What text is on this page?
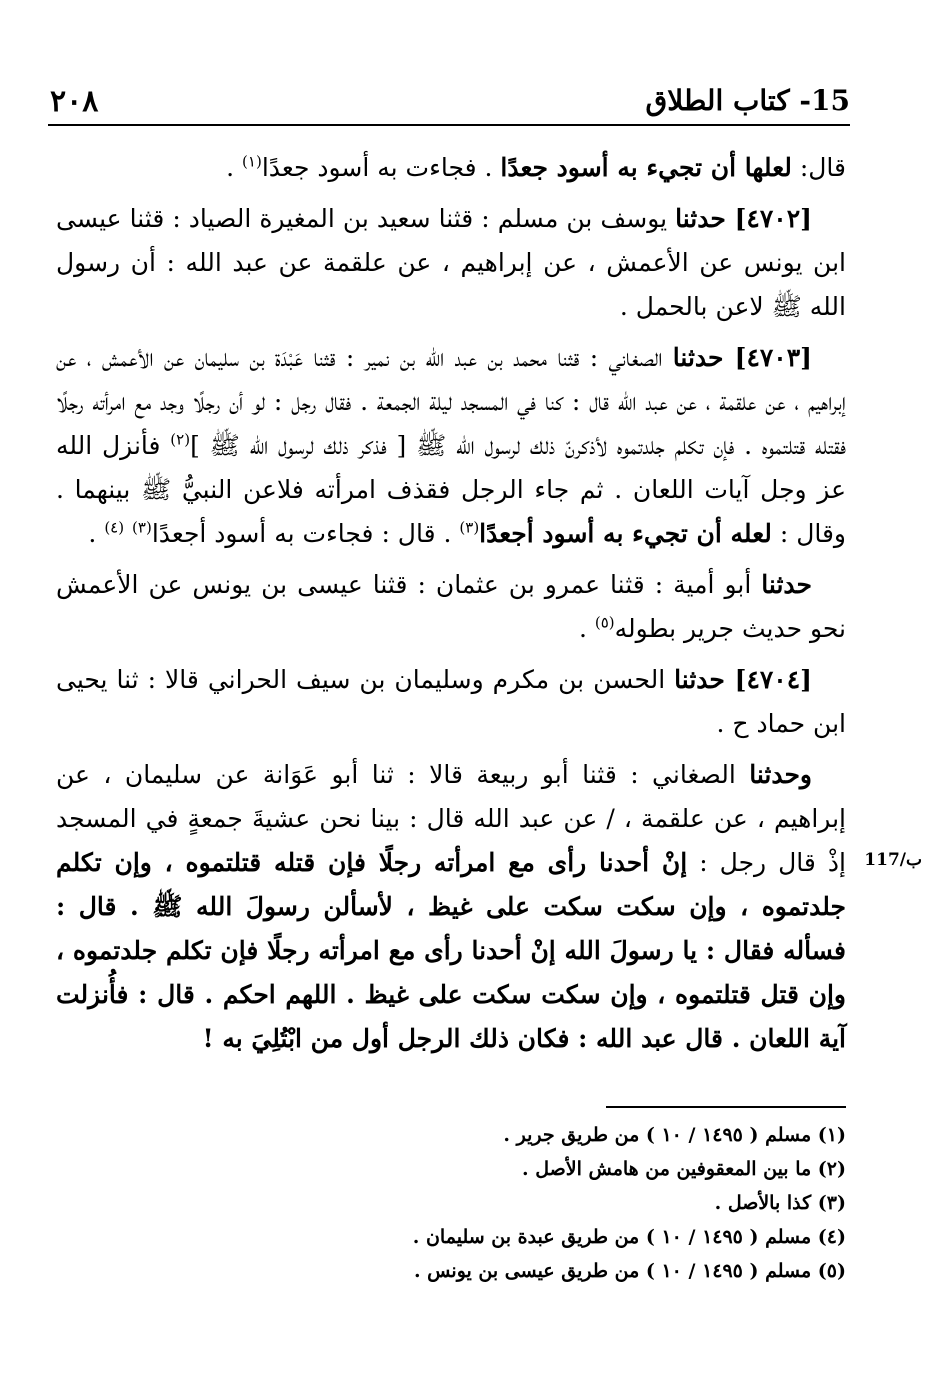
15- كتاب الطلاق
٢٠٨
117/ب

قال: لعلها أن تجيء به أسود جعدًا . فجاءت به أسود جعدًا$^{(١)}$ .

[٤٧٠٢] حدثنا يوسف بن مسلم : قثنا سعيد بن المغيرة الصياد : قثنا عيسى ابن يونس عن الأعمش ، عن إبراهيم ، عن علقمة عن عبد الله : أن رسول الله ﷺ لاعن بالحمل .

[٤٧٠٣] حدثنا الصغاني : قثنا محمد بن عبد الله بن نمير : قثنا عَبْدَة بن سليمان عن الأعمش ، عن إبراهيم ، عن علقمة ، عن عبد الله قال : كنا في المسجد ليلة الجمعة . فقال رجل : لو أن رجلًا وجد مع امرأته رجلًا فقتله قتلتموه . فإن تكلم جلدتموه لأذكرنّ ذلك لرسول الله ﷺ [ فذكر ذلك لرسول الله ﷺ ]$^{(٢)}$ فأنزل الله عز وجل آيات اللعان . ثم جاء الرجل فقذف امرأته فلاعن النبيُّ ﷺ بينهما . وقال : لعله أن تجيء به أسود أجعدًا$^{(٣)}$ . قال : فجاءت به أسود أجعدًا$^{(٣)}$ $^{(٤)}$ .

حدثنا أبو أمية : قثنا عمرو بن عثمان : قثنا عيسى بن يونس عن الأعمش نحو حديث جرير بطوله$^{(٥)}$ .

[٤٧٠٤] حدثنا الحسن بن مكرم وسليمان بن سيف الحراني قالا : ثنا يحيى ابن حماد ح .

وحدثنا الصغاني : قثنا أبو ربيعة قالا : ثنا أبو عَوَانة عن سليمان ، عن إبراهيم ، عن علقمة ، / عن عبد الله قال : بينا نحن عشيةَ جمعةٍ في المسجد إذْ قال رجل : إنْ أحدنا رأى مع امرأته رجلًا فإن قتله قتلتموه ، وإن تكلم جلدتموه ، وإن سكت سكت على غيظ ، لأسألن رسولَ الله ﷺ . قال : فسأله فقال : يا رسولَ الله إنْ أحدنا رأى مع امرأته رجلًا فإن تكلم جلدتموه ، وإن قتل قتلتموه ، وإن سكت سكت على غيظ . اللهم احكم . قال : فأُنزلت آية اللعان . قال عبد الله : فكان ذلك الرجل أول من ابْتُلِيَ به !

(١) مسلم ( ١٤٩٥ / ١٠ ) من طريق جرير .

(٢) ما بين المعقوفين من هامش الأصل .

(٣) كذا بالأصل .

(٤) مسلم ( ١٤٩٥ / ١٠ ) من طريق عبدة بن سليمان .

(٥) مسلم ( ١٤٩٥ / ١٠ ) من طريق عيسى بن يونس .
